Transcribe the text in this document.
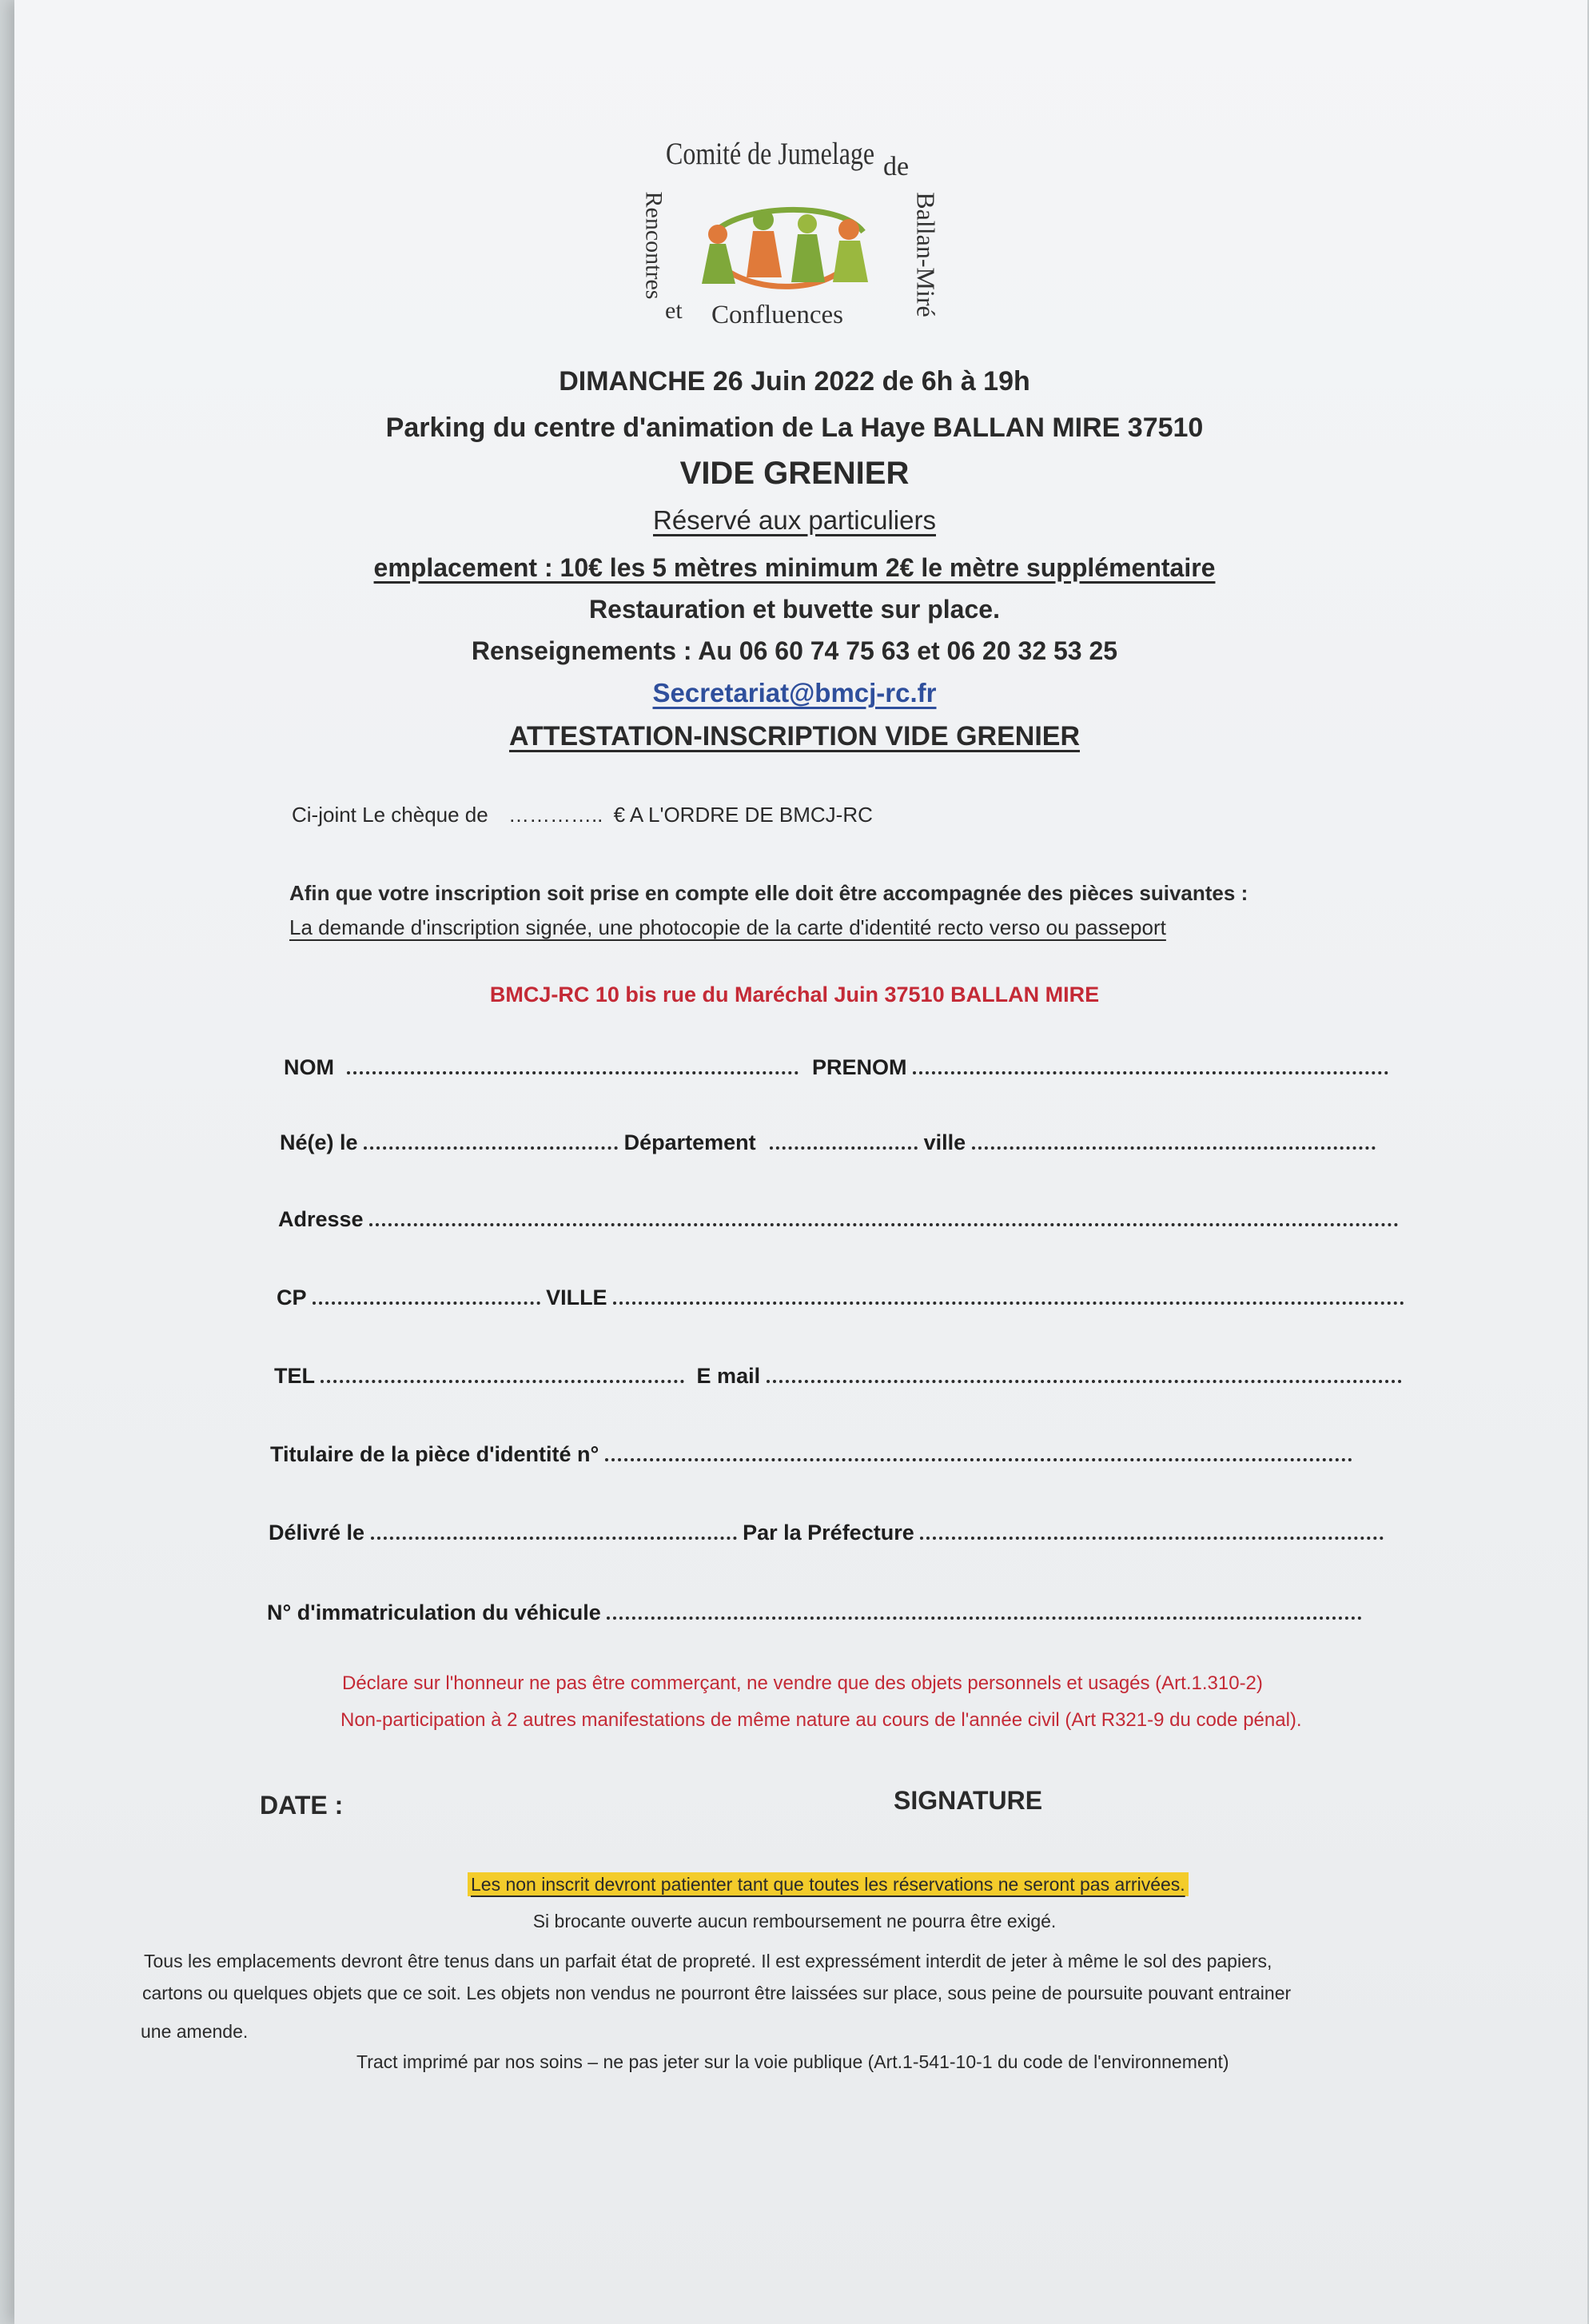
Comité de Jumelage de
Rencontres	Ballan-Miré
et Confluences
DIMANCHE 26 Juin 2022 de 6h à 19h
Parking du centre d'animation de La Haye BALLAN MIRE 37510
VIDE GRENIER
Réservé aux particuliers
emplacement : 10€ les 5 mètres minimum 2€ le mètre supplémentaire
Restauration et buvette sur place.
Renseignements : Au 06 60 74 75 63 et 06 20 32 53 25
Secretariat@bmcj-rc.fr
ATTESTATION-INSCRIPTION VIDE GRENIER
Ci-joint Le chèque de ………….. € A L'ORDRE DE BMCJ-RC
Afin que votre inscription soit prise en compte elle doit être accompagnée des pièces suivantes :
La demande d'inscription signée, une photocopie de la carte d'identité recto verso ou passeport
BMCJ-RC 10 bis rue du Maréchal Juin 37510 BALLAN MIRE
NOM	PRENOM
Né(e) le	Département	ville
Adresse
CP	VILLE
TEL	E mail
Titulaire de la pièce d'identité n°
Délivré le	Par la Préfecture
N° d'immatriculation du véhicule
Déclare sur l'honneur ne pas être commerçant, ne vendre que des objets personnels et usagés (Art.1.310-2)
Non-participation à 2 autres manifestations de même nature au cours de l'année civil (Art R321-9 du code pénal).
DATE :	SIGNATURE
Les non inscrit devront patienter tant que toutes les réservations ne seront pas arrivées.
Si brocante ouverte aucun remboursement ne pourra être exigé.
Tous les emplacements devront être tenus dans un parfait état de propreté. Il est expressément interdit de jeter à même le sol des papiers,
cartons ou quelques objets que ce soit. Les objets non vendus ne pourront être laissées sur place, sous peine de poursuite pouvant entrainer
une amende.
Tract imprimé par nos soins – ne pas jeter sur la voie publique (Art.1-541-10-1 du code de l'environnement)
